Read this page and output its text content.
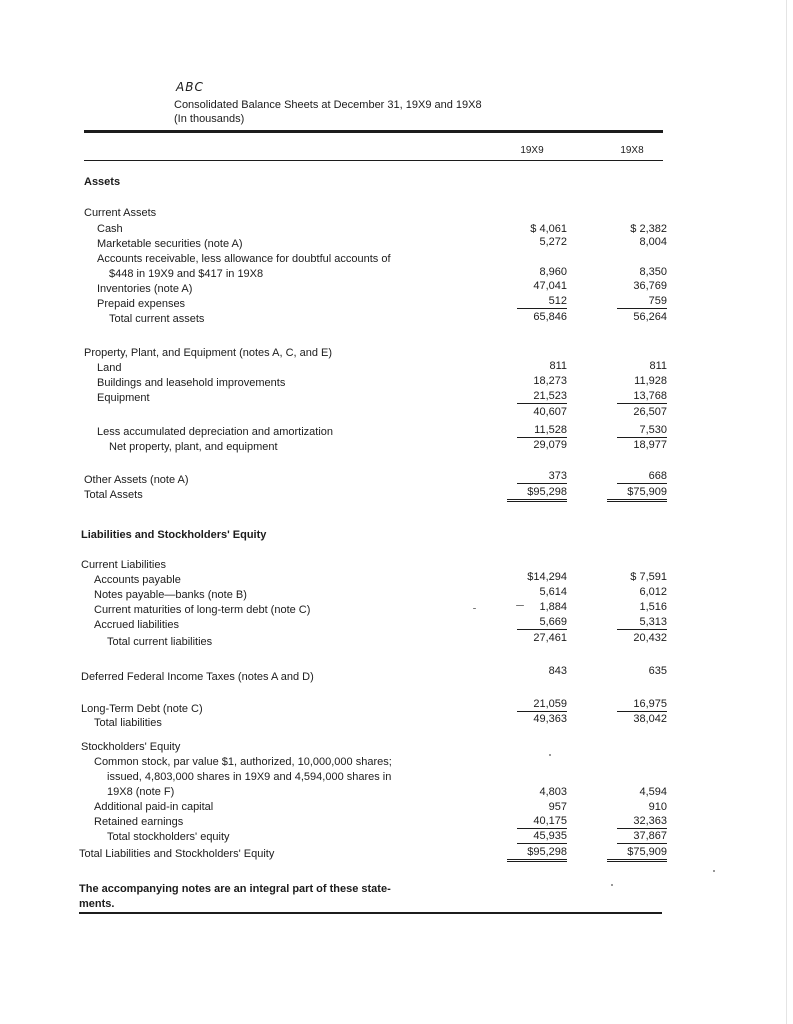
ABC
Consolidated Balance Sheets at December 31, 19X9 and 19X8
(In thousands)
19X9	19X8
Assets
Current Assets
Cash	$ 4,061	$ 2,382
Marketable securities (note A)	5,272	8,004
Accounts receivable, less allowance for doubtful accounts of
$448 in 19X9 and $417 in 19X8	8,960	8,350
Inventories (note A)	47,041	36,769
Prepaid expenses	512	759
Total current assets	65,846	56,264
Property, Plant, and Equipment (notes A, C, and E)
Land	811	811
Buildings and leasehold improvements	18,273	11,928
Equipment	21,523	13,768
40,607	26,507
Less accumulated depreciation and amortization	11,528	7,530
Net property, plant, and equipment	29,079	18,977
Other Assets (note A)	373	668
Total Assets	$95,298	$75,909
Liabilities and Stockholders' Equity
Current Liabilities
Accounts payable	$14,294	$ 7,591
Notes payable—banks (note B)	5,614	6,012
Current maturities of long-term debt (note C)	1,884	1,516
Accrued liabilities	5,669	5,313
Total current liabilities	27,461	20,432
Deferred Federal Income Taxes (notes A and D)	843	635
Long-Term Debt (note C)	21,059	16,975
Total liabilities	49,363	38,042
Stockholders' Equity
Common stock, par value $1, authorized, 10,000,000 shares;
issued, 4,803,000 shares in 19X9 and 4,594,000 shares in
19X8 (note F)	4,803	4,594
Additional paid-in capital	957	910
Retained earnings	40,175	32,363
Total stockholders' equity	45,935	37,867
Total Liabilities and Stockholders' Equity	$95,298	$75,909
The accompanying notes are an integral part of these state-
ments.
